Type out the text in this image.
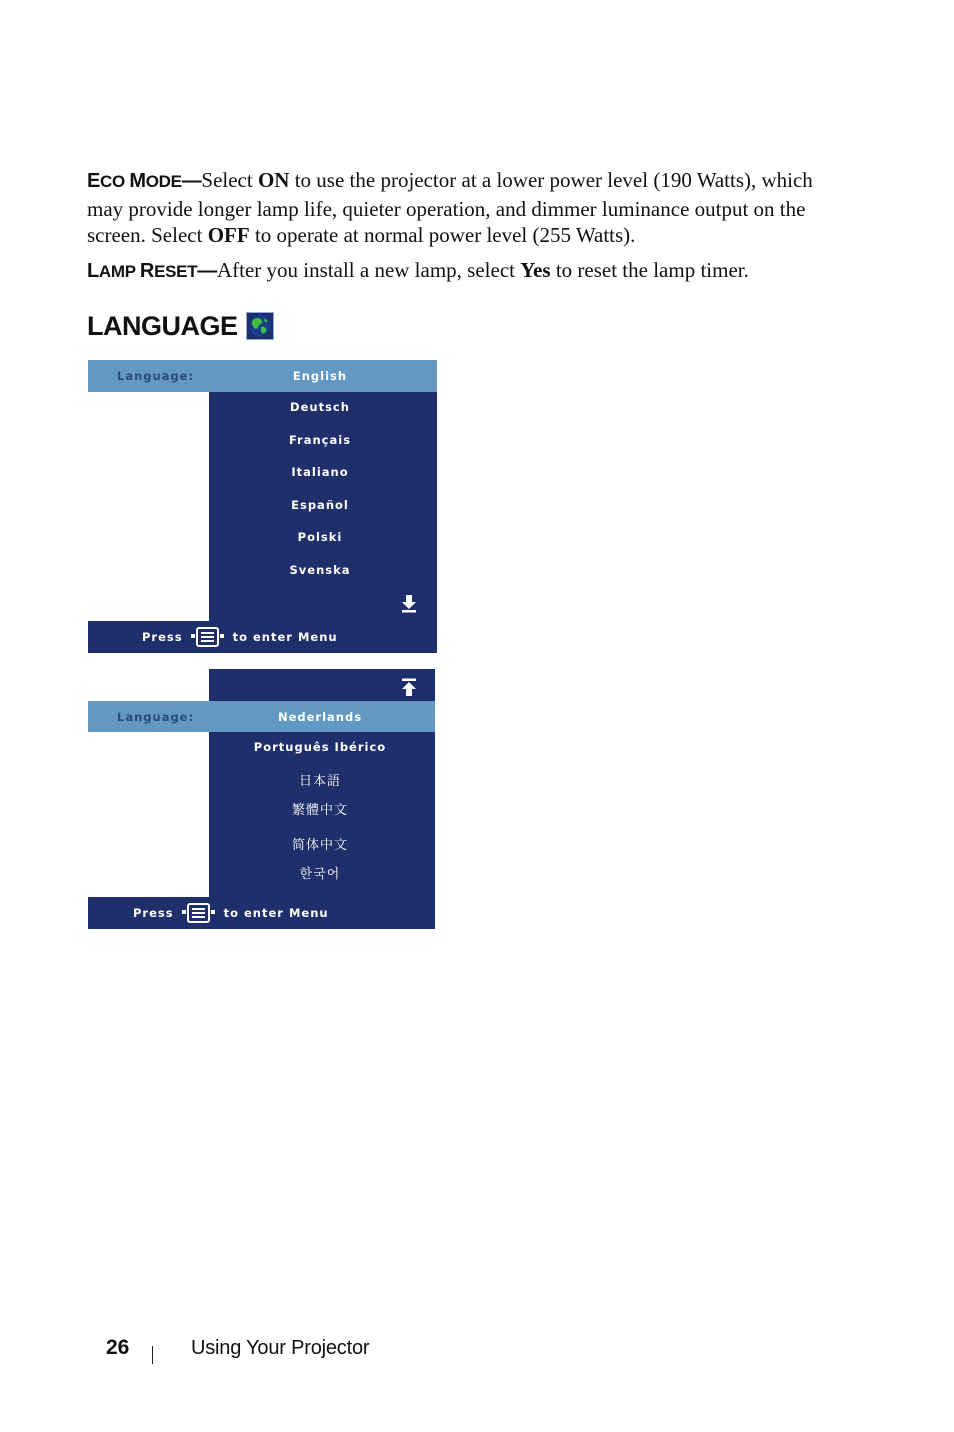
ECO MODE—Select ON to use the projector at a lower power level (190 Watts), which may provide longer lamp life, quieter operation, and dimmer luminance output on the screen. Select OFF to operate at normal power level (255 Watts).

LAMP RESET—After you install a new lamp, select Yes to reset the lamp timer.

LANGUAGE
Language:	English
Deutsch
Français
Italiano
Español
Polski
Svenska
Press	to enter Menu
Language:	Nederlands
Português Ibérico
日本語
繁體中文
简体中文
한국어
Press	to enter Menu
26	Using Your Projector
